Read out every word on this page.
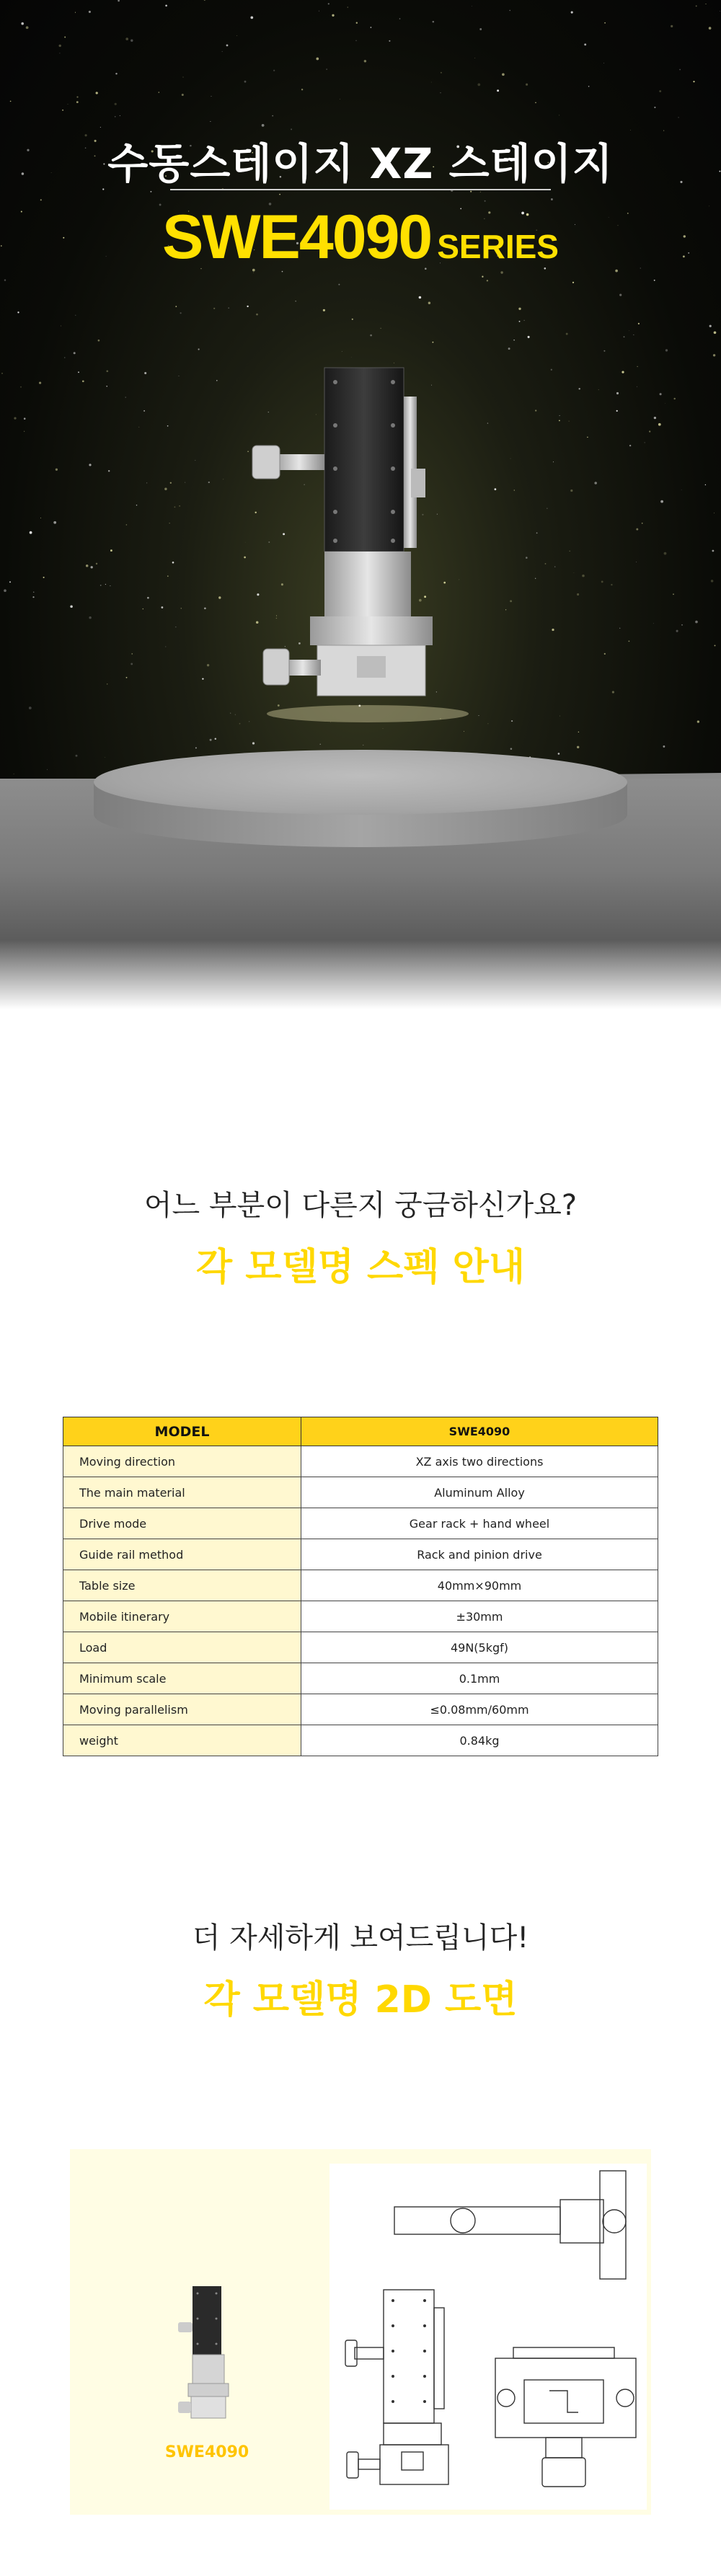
수동스테이지 XZ 스테이지
SWE4090 SERIES
어느 부분이 다른지 궁금하신가요?
각 모델명 스펙 안내
MODEL	SWE4090
Moving direction	XZ axis two directions
The main material	Aluminum Alloy
Drive mode	Gear rack + hand wheel
Guide rail method	Rack and pinion drive
Table size	40mm×90mm
Mobile itinerary	±30mm
Load	49N(5kgf)
Minimum scale	0.1mm
Moving parallelism	≤0.08mm/60mm
weight	0.84kg
더 자세하게 보여드립니다!
각 모델명 2D 도면
SWE4090
